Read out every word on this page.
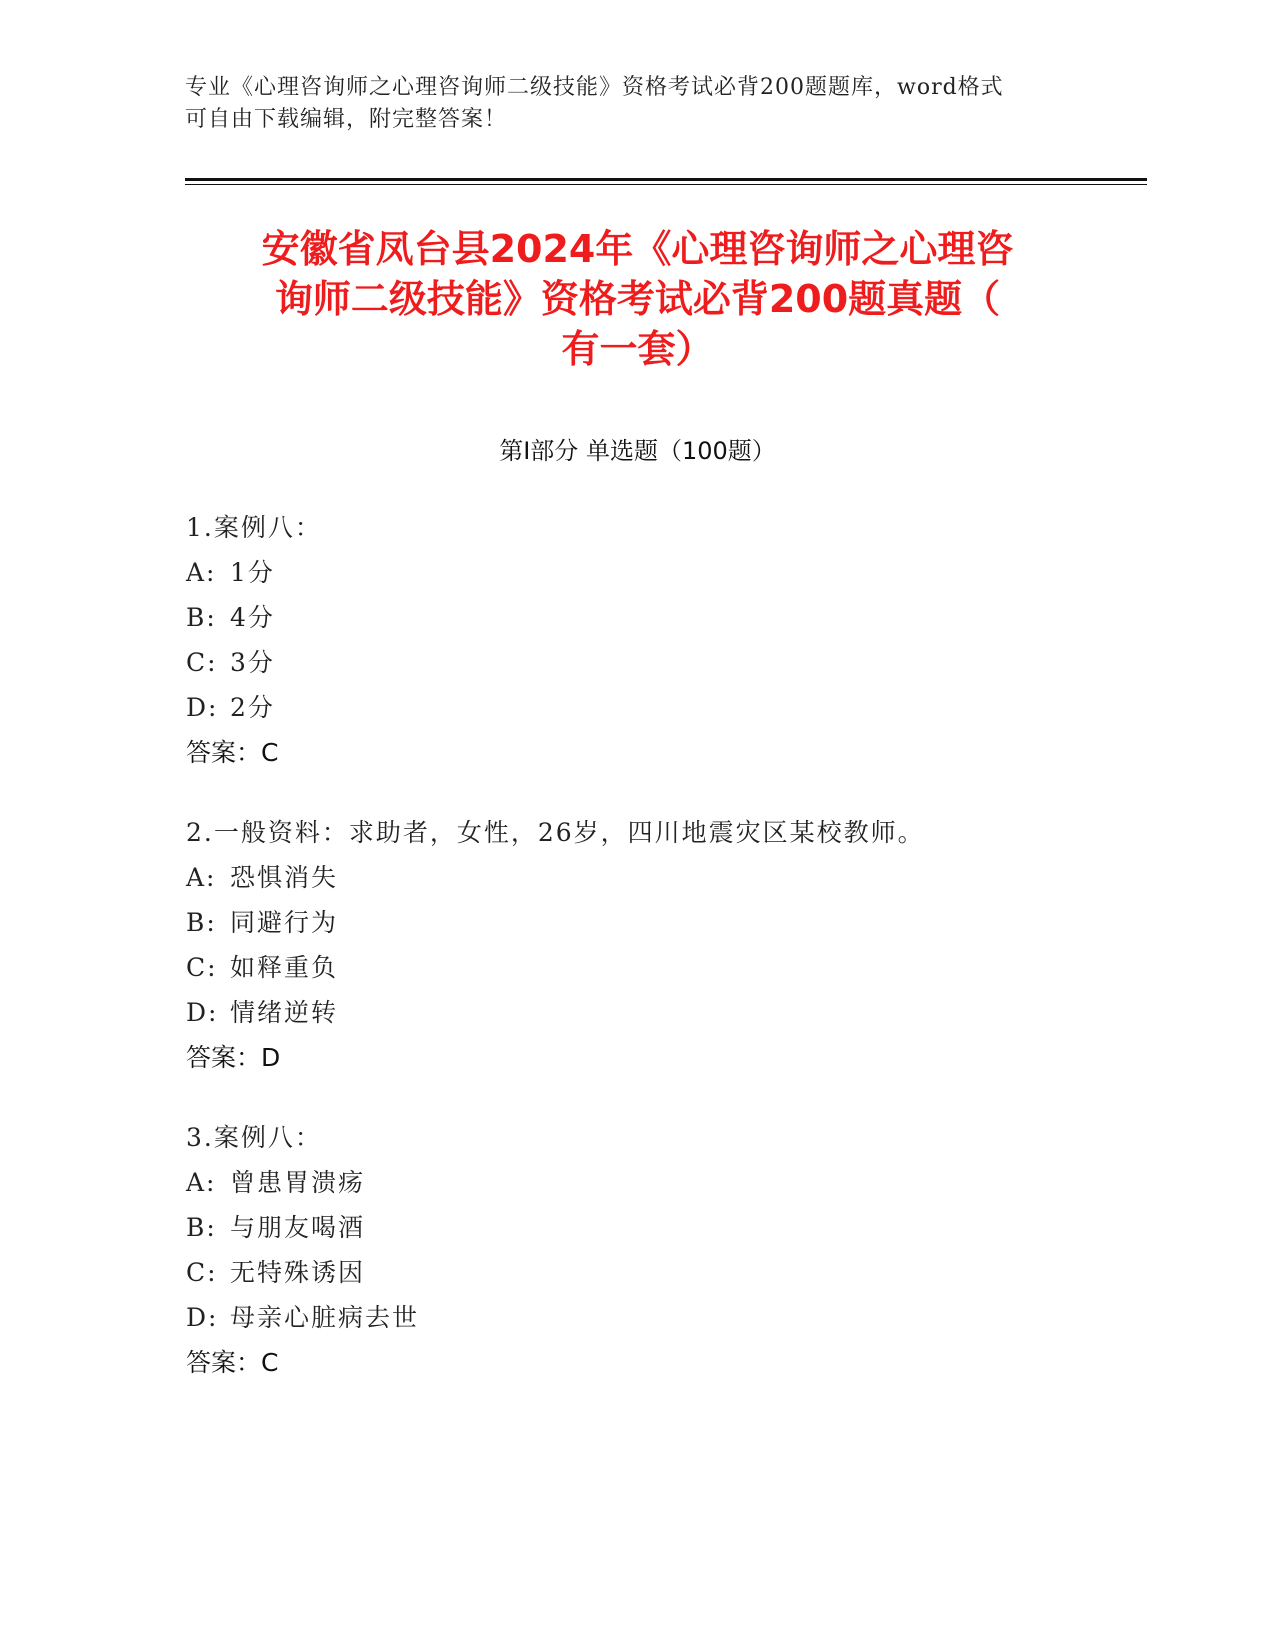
专业《心理咨询师之心理咨询师二级技能》资格考试必背200题题库，word格式
可自由下载编辑，附完整答案！
安徽省凤台县2024年《心理咨询师之心理咨
询师二级技能》资格考试必背200题真题（
有一套）
第I部分 单选题（100题）
1.案例八：
A: 1分
B: 4分
C: 3分
D: 2分
答案：C
2.一般资料：求助者，女性，26岁，四川地震灾区某校教师。
A: 恐惧消失
B: 同避行为
C: 如释重负
D: 情绪逆转
答案：D
3.案例八：
A: 曾患胃溃疡
B: 与朋友喝酒
C: 无特殊诱因
D: 母亲心脏病去世
答案：C
